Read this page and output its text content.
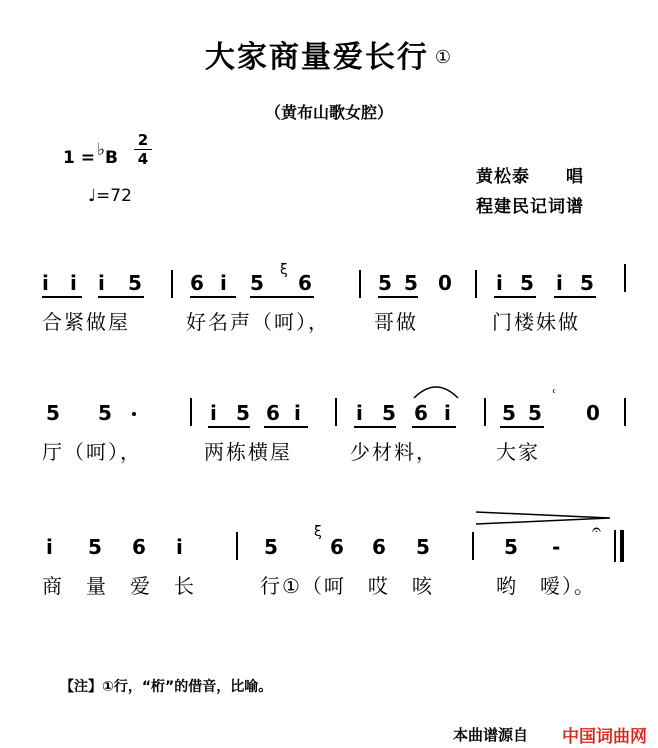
大家商量爱长行 ①
（黄布山歌女腔）
1 = ♭B
2
4
♩=72
黄松泰　　唱
程建民记词谱
i i i 5 6 i 5
ξ
6	5 5 0 i 5 i 5
合紧做屋	好名声（呵）， 哥做	门楼妹做
5 5	i 5 6 i	i 5 6 i	5 5
ʿ
0
厅（呵），	两栋横屋	少材料，	大家
i 5 6 i	5
ξ
6 6 5	5 -
𝄐
商　量　爱　长	行①（呵　哎　咳	哟　嗳）。
【注】①行，“桁”的借音，比喻。
本曲谱源自 中国词曲网
